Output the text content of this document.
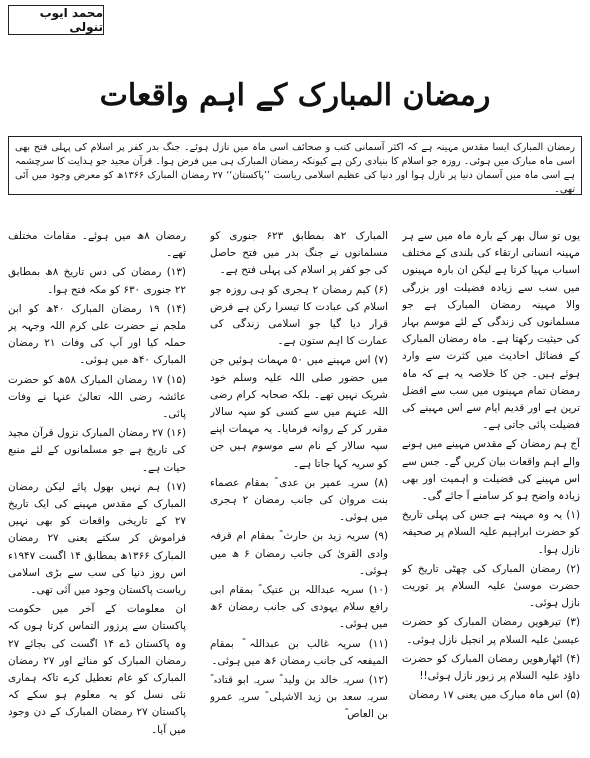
محمد ایوب تنولی
رمضان المبارک کے اہم واقعات

رمضان المبارک ایسا مقدس مہینہ ہے کہ اکثر آسمانی کتب و صحائف اسی ماہ میں نازل ہوئے۔ جنگ بدر کفر پر اسلام کی پہلی فتح بھی اسی ماہ مبارک میں ہوئی۔ روزہ جو اسلام کا بنیادی رکن ہے کیونکہ رمضان المبارک ہی میں فرض ہوا۔ قرآن مجید جو ہدایت کا سرچشمہ ہے اسی ماہ میں آسمان دنیا پر نازل ہوا اور دنیا کی عظیم اسلامی ریاست ’’پاکستان‘‘ ۲۷ رمضان المبارک ۱۳۶۶ھ کو معرض وجود میں آئی تھی۔

یوں تو سال بھر کے بارہ ماہ میں سے ہر مہینہ انسانی ارتقاء کی بلندی کے مختلف اسباب مہیا کرتا ہے لیکن ان بارہ مہینوں میں سب سے زیادہ فضیلت اور بزرگی والا مہینہ رمضان المبارک ہے جو مسلمانوں کی زندگی کے لئے موسم بہار کی حیثیت رکھتا ہے۔ ماہ رمضان المبارک کے فضائل احادیث میں کثرت سے وارد ہوئے ہیں۔ جن کا خلاصہ یہ ہے کہ ماہ رمضان تمام مہینوں میں سب سے افضل ترین ہے اور قدیم ایام سے اس مہینے کی فضیلت پائی جاتی ہے۔

آج ہم رمضان کے مقدس مہینے میں ہونے والے اہم واقعات بیان کریں گے۔ جس سے اس مہینے کی فضیلت و اہمیت اور بھی زیادہ واضح ہو کر سامنے آ جائے گی۔

(۱) یہ وہ مہینہ ہے جس کی پہلی تاریخ کو حضرت ابراہیم علیہ السلام پر صحیفہ نازل ہوا۔

(۲) رمضان المبارک کی چھٹی تاریخ کو حضرت موسیٰ علیہ السلام پر توریت نازل ہوئی۔

(۳) تیرھویں رمضان المبارک کو حضرت عیسیٰ علیہ السلام پر انجیل نازل ہوئی۔

(۴) اٹھارھویں رمضان المبارک کو حضرت داؤد علیہ السلام پر زبور نازل ہوئی!!

(۵) اس ماہ مبارک میں یعنی ۱۷ رمضان

المبارک ۲ھ بمطابق ۶۲۳ جنوری کو مسلمانوں نے جنگ بدر میں فتح حاصل کی جو کفر پر اسلام کی پہلی فتح ہے۔

(۶) کیم رمضان ۲ ہجری کو ہی روزہ جو اسلام کی عبادت کا تیسرا رکن ہے فرض قرار دیا گیا جو اسلامی زندگی کی عمارت کا اہم ستون ہے۔

(۷) اس مہینے میں ۵۰ مہمات ہوئیں جن میں حضور صلی اللہ علیہ وسلم خود شریک نہیں تھے۔ بلکہ صحابہ کرام رضی اللہ عنہم میں سے کسی کو سپہ سالار مقرر کر کے روانہ فرمایا۔ یہ مہمات اپنے سپہ سالار کے نام سے موسوم ہیں جن کو سریہ کہا جاتا ہے۔

(۸) سریہ عمیر بن عدی ؓ بمقام عصماء بنت مروان کی جانب رمضان ۲ ہجری میں ہوئی۔

(۹) سریہ زید بن حارث ؓ بمقام ام قرفہ وادی القریٰ کی جانب رمضان ۶ ھ میں ہوئی۔

(۱۰) سریہ عبداللہ بن عتیک ؓ بمقام ابی رافع سلام یہودی کی جانب رمضان ۶ھ میں ہوئی۔

(۱۱) سریہ غالب بن عبداللہ ؓ بمقام المیفعہ کی جانب رمضان ۶ھ میں ہوئی۔

(۱۲) سریہ خالد بن ولید ؓ سریہ ابو قتادہ ؓ سریہ سعد بن زید الاشہلی ؓ سریہ عمرو بن العاص ؓ

رمضان ۸ھ میں ہوئے۔ مقامات مختلف تھے۔

(۱۳) رمضان کی دس تاریخ ۸ھ بمطابق ۲۲ جنوری ۶۳۰ کو مکہ فتح ہوا۔

(۱۴) ۱۹ رمضان المبارک ۴۰ھ کو ابن ملجم نے حضرت علی کرم اللہ وجہہ پر حملہ کیا اور آپ کی وفات ۲۱ رمضان المبارک ۴۰ھ میں ہوئی۔

(۱۵) ۱۷ رمضان المبارک ۵۸ھ کو حضرت عائشہ رضی اللہ تعالیٰ عنہا نے وفات پائی۔

(۱۶) ۲۷ رمضان المبارک نزول قرآن مجید کی تاریخ ہے جو مسلمانوں کے لئے منبع حیات ہے۔

(۱۷) ہم نہیں بھول پائے لیکن رمضان المبارک کے مقدس مہینے کی ایک تاریخ ۲۷ کے تاریخی واقعات کو بھی نہیں فراموش کر سکتے یعنی ۲۷ رمضان المبارک ۱۳۶۶ھ بمطابق ۱۴ اگست ۱۹۴۷ء اس روز دنیا کی سب سے بڑی اسلامی ریاست پاکستان وجود میں آئی تھی۔

ان معلومات کے آخر میں حکومت پاکستان سے پرزور التماس کرتا ہوں کہ وہ پاکستان ڈے ۱۴ اگست کی بجائے ۲۷ رمضان المبارک کو منائے اور ۲۷ رمضان المبارک کو عام تعطیل کرے تاکہ ہماری نئی نسل کو یہ معلوم ہو سکے کہ پاکستان ۲۷ رمضان المبارک کے دن وجود میں آیا۔
